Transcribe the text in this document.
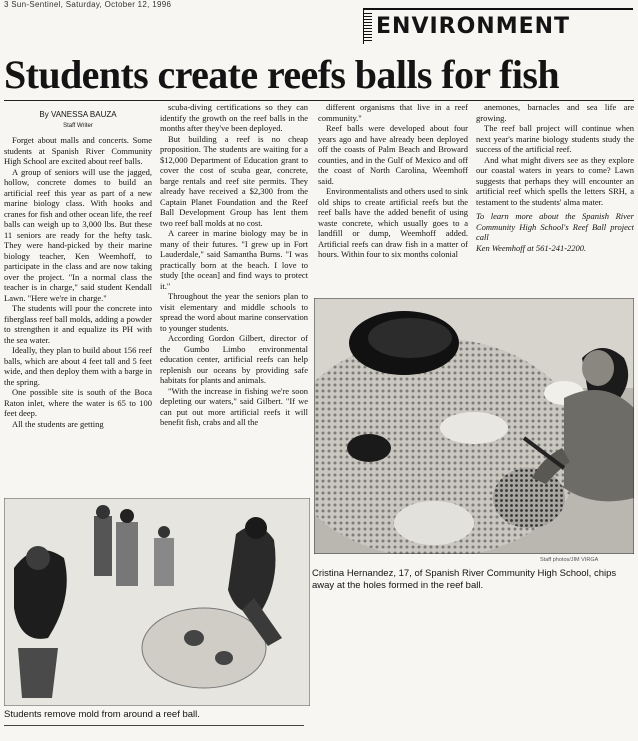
3 Sun-Sentinel, Saturday, October 12, 1996
ENVIRONMENT
Students create reefs balls for fish

By VANESSA BAUZA

Staff Writer

Forget about malls and concerts. Some students at Spanish River Community High School are excited about reef balls.

A group of seniors will use the jagged, hollow, concrete domes to build an artificial reef this year as part of a new marine biology class. With hooks and cranes for fish and other ocean life, the reef balls can weigh up to 3,000 lbs. But these 11 seniors are ready for the hefty task. They were hand-picked by their marine biology teacher, Ken Weemhoff, to participate in the class and are now taking over the project. "In a normal class the teacher is in charge," said student Kendall Lawn. "Here we're in charge."

The students will pour the concrete into fiberglass reef ball molds, adding a powder to strengthen it and equalize its PH with the sea water.

Ideally, they plan to build about 156 reef balls, which are about 4 feet tall and 5 feet wide, and then deploy them with a barge in the spring.

One possible site is south of the Boca Raton inlet, where the water is 65 to 100 feet deep.

All the students are getting

scuba-diving certifications so they can identify the growth on the reef balls in the months after they've been deployed.

But building a reef is no cheap proposition. The students are waiting for a $12,000 Department of Education grant to cover the cost of scuba gear, concrete, barge rentals and reef site permits. They already have received a $2,300 from the Captain Planet Foundation and the Reef Ball Development Group has lent them two reef ball molds at no cost.

A career in marine biology may be in many of their futures. "I grew up in Fort Lauderdale," said Samantha Burns. "I was practically born at the beach. I love to study [the ocean] and find ways to protect it."

Throughout the year the seniors plan to visit elementary and middle schools to spread the word about marine conservation to younger students.

According Gordon Gilbert, director of the Gumbo Limbo environmental education center, artificial reefs can help replenish our oceans by providing safe habitats for plants and animals.

"With the increase in fishing we're soon depleting our waters," said Gilbert. "If we can put out more artificial reefs it will benefit fish, crabs and all the

different organisms that live in a reef community."

Reef balls were developed about four years ago and have already been deployed off the coasts of Palm Beach and Broward counties, and in the Gulf of Mexico and off the coast of North Carolina, Weemhoff said.

Environmentalists and others used to sink old ships to create artificial reefs but the reef balls have the added benefit of using waste concrete, which usually goes to a landfill or dump, Weemhoff added. Artificial reefs can draw fish in a matter of hours. Within four to six months colonial

anemones, barnacles and sea life are growing.

The reef ball project will continue when next year's marine biology students study the success of the artificial reef.

And what might divers see as they explore our coastal waters in years to come? Lawn suggests that perhaps they will encounter an artificial reef which spells the letters SRH, a testament to the students' alma mater.

To learn more about the Spanish River Community High School's Reef Ball project call
Ken Weemhoff at 561-241-2200.

Staff photos/JIM VIRGA
Cristina Hernandez, 17, of Spanish River Community High School, chips away at the holes formed in the reef ball.
Students remove mold from around a reef ball.
